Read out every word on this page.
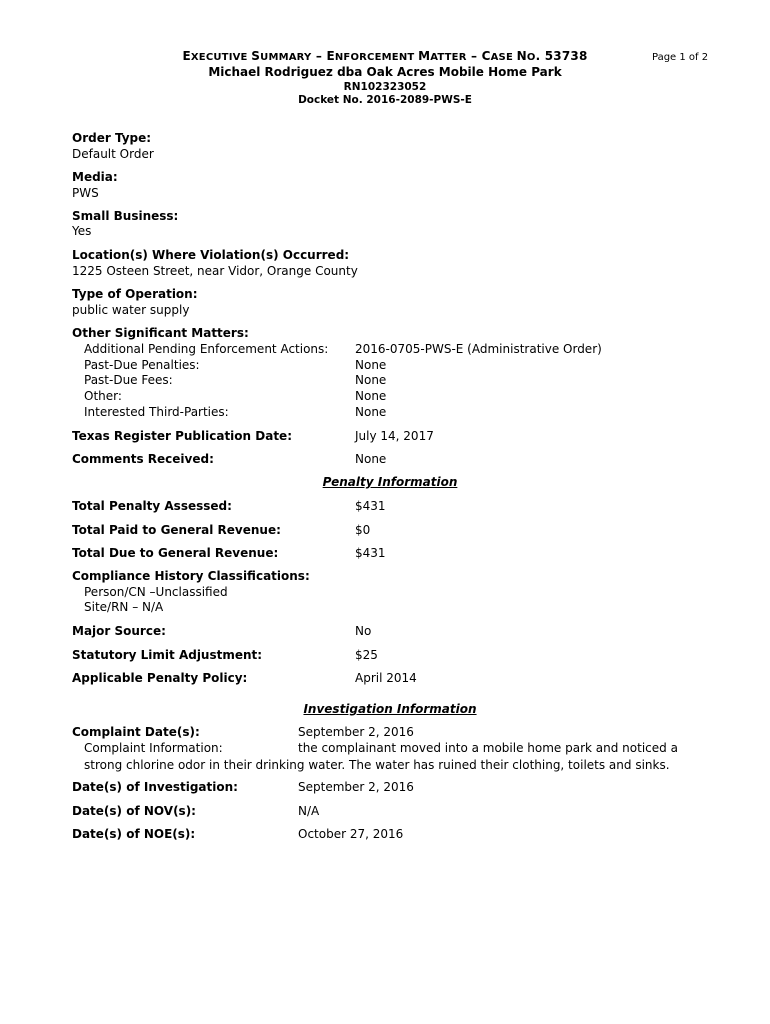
EXECUTIVE SUMMARY – ENFORCEMENT MATTER – CASE NO. 53738	Page 1 of 2
Michael Rodriguez dba Oak Acres Mobile Home Park
RN102323052
Docket No. 2016-2089-PWS-E
Order Type:
Default Order
Media:
PWS
Small Business:
Yes
Location(s) Where Violation(s) Occurred:
1225 Osteen Street, near Vidor, Orange County
Type of Operation:
public water supply
Other Significant Matters:
Additional Pending Enforcement Actions: 2016-0705-PWS-E (Administrative Order)
Past-Due Penalties:	None
Past-Due Fees:	None
Other:	None
Interested Third-Parties:	None
Texas Register Publication Date:	July 14, 2017
Comments Received:	None
Penalty Information
Total Penalty Assessed:	$431
Total Paid to General Revenue:	$0
Total Due to General Revenue:	$431
Compliance History Classifications:
Person/CN –Unclassified
Site/RN – N/A
Major Source:	No
Statutory Limit Adjustment:	$25
Applicable Penalty Policy:	April 2014
Investigation Information
Complaint Date(s):	September 2, 2016
Complaint Information:	the complainant moved into a mobile home park and noticed a
strong chlorine odor in their drinking water. The water has ruined their clothing, toilets and sinks.
Date(s) of Investigation:	September 2, 2016
Date(s) of NOV(s):	N/A
Date(s) of NOE(s):	October 27, 2016
